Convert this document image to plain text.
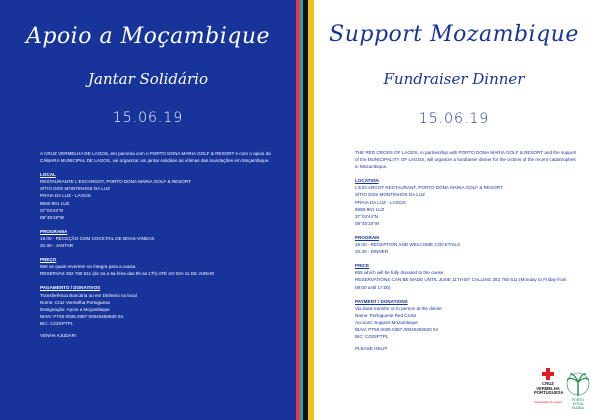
Apoio a Moçambique

Jantar Solidário

15.06.19

A CRUZ VERMELHA DE LAGOS, em parceria com o PORTO DONA MARIA GOLF & RESORT e com o apoio da CÂMARA MUNICIPAL DE LAGOS, vai organizar um jantar solidário às vítimas das inundações em Moçambique.

LOCAL

RESTAURANTE L'ESCARGOT, PORTO DONA MARIA GOLF & RESORT

SÍTIO DOS MONTINHOS DA LUZ

PRAIA DA LUZ - LAGOS

8600-901 LUZ

37°04'44"N

08°45'19"W

PROGRAMA

19.00 - RECEÇÃO COM COCKTAIL DE BOAS-VINDAS

20.30 - JANTAR

PREÇO

55€ os quais revertem na íntegra para a causa

RESERVAS 282 760 611 (de 2a a 6a feira das 9h as 17h) ATÉ AO DIA 11 DE JUNHO

PAGAMENTO / DONATIVOS

Transferência Bancária ou em Dinheiro no local

Nome: Cruz Vermelha Portuguesa

Designação: Apoio a Moçambique

IBAN: PT50 0035 0387 00040450630 04

BIC: CGDIPTPL

VENHA AJUDAR!

Support Mozambique

Fundraiser Dinner

15.06.19

THE RED CROSS OF LAGOS, in partnership with PORTO DONA MARIA GOLF & RESORT and the support of the MUNICIPALITY OF LAGOS, will organize a fundraiser dinner for the victims of the recent catastrophes in Mozambique.

LOCATION

L'ESCARGOT RESTAURANT, PORTO DONA MARIA GOLF & RESORT

SÍTIO DOS MONTINHOS DA LUZ

PRAIA DA LUZ - LAGOS

8600-901 LUZ

37°04'44"N

08°45'19"W

PROGRAM

19.00 - RECEPTION AND WELCOME COCKTAILS

20.30 - DINNER

PRICE

€55 which will be fully donated to the cause

RESERVATIONS CAN BE MADE UNTIL JUNE 11TH BY CALLING 282 760 611 (Monday to Friday from 09:00 until 17:00)

PAYMENT / DONATIONS

Via bank transfer or in person at the dinner

Name: Portuguese Red Cross

Account: Support Mozambique

IBAN: PT50 0035 0387 00040450630 04

BIC: CGDIPTPL

PLEASE HELP!

CRUZ
VERMELHA
PORTUGUESA
Delegação de Lagos	PORTO
DONA
MARIA
